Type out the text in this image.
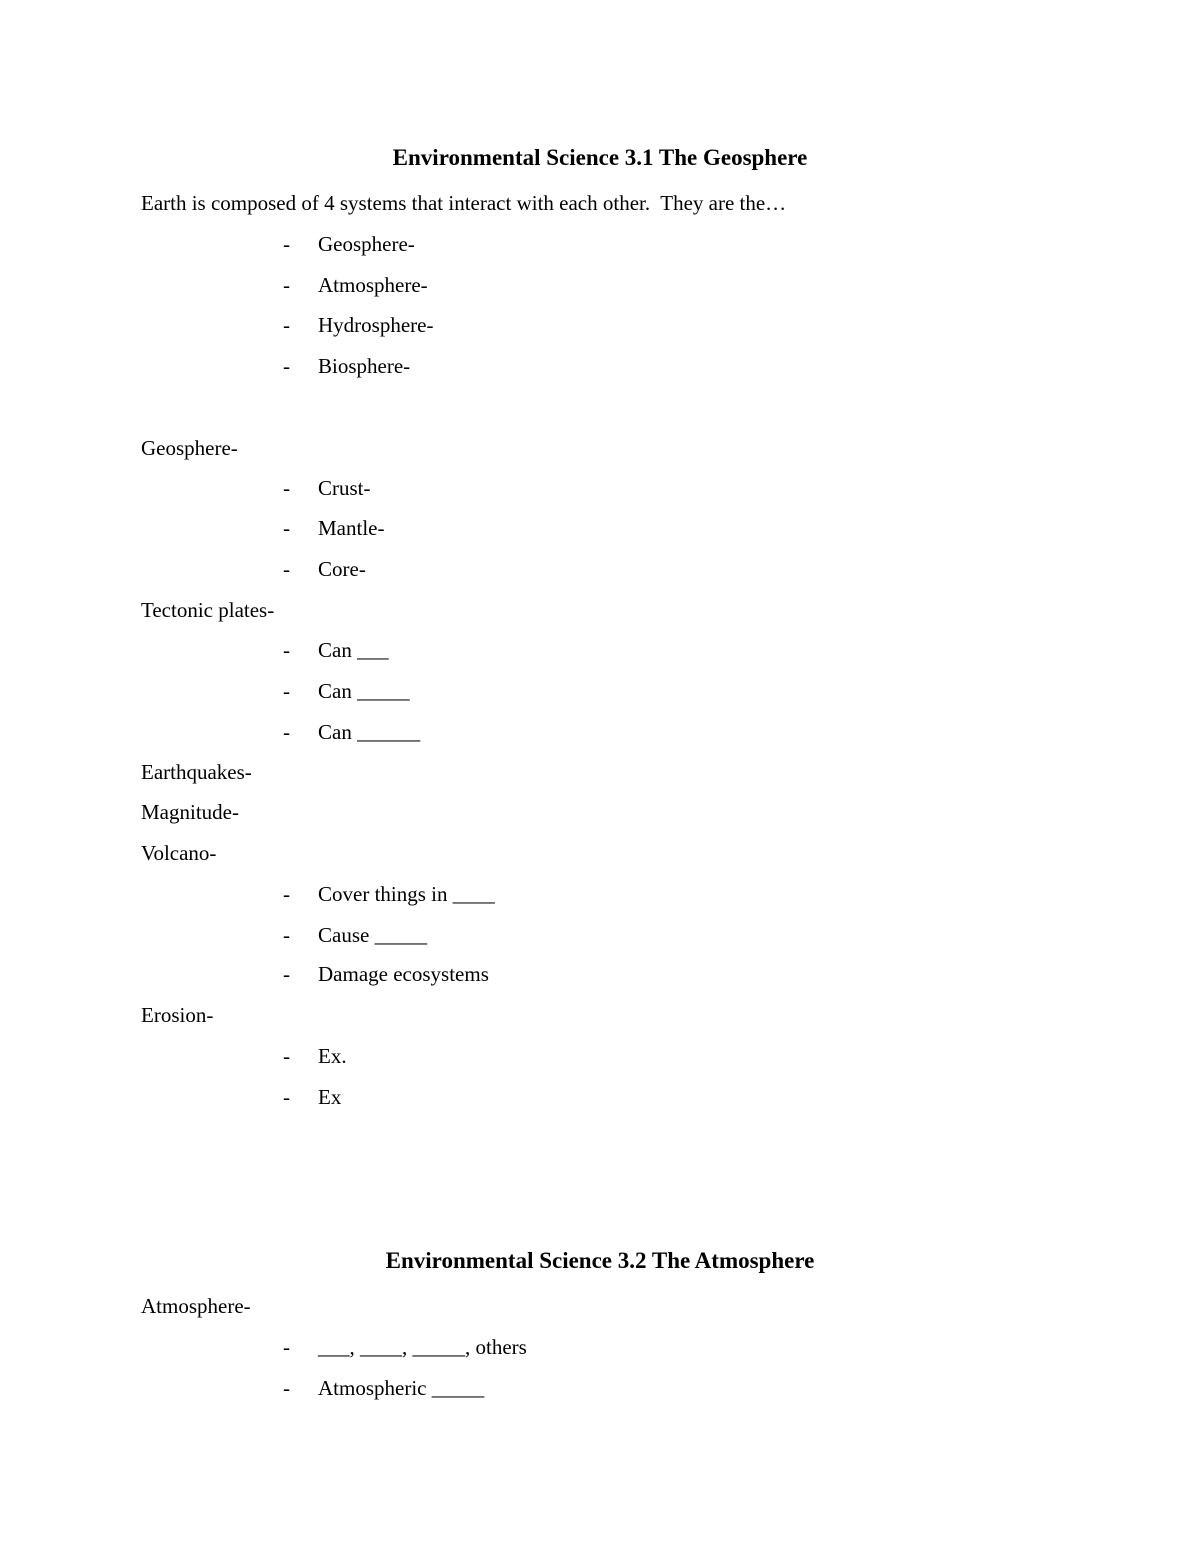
Environmental Science 3.1 The Geosphere
Earth is composed of 4 systems that interact with each other.  They are the…
- Geosphere-
- Atmosphere-
- Hydrosphere-
- Biosphere-
Geosphere-
- Crust-
- Mantle-
- Core-
Tectonic plates-
- Can ___
- Can _____
- Can ______
Earthquakes-
Magnitude-
Volcano-
- Cover things in ____
- Cause _____
- Damage ecosystems
Erosion-
- Ex.
- Ex
Environmental Science 3.2 The Atmosphere
Atmosphere-
- ___, ____, _____, others
- Atmospheric _____
